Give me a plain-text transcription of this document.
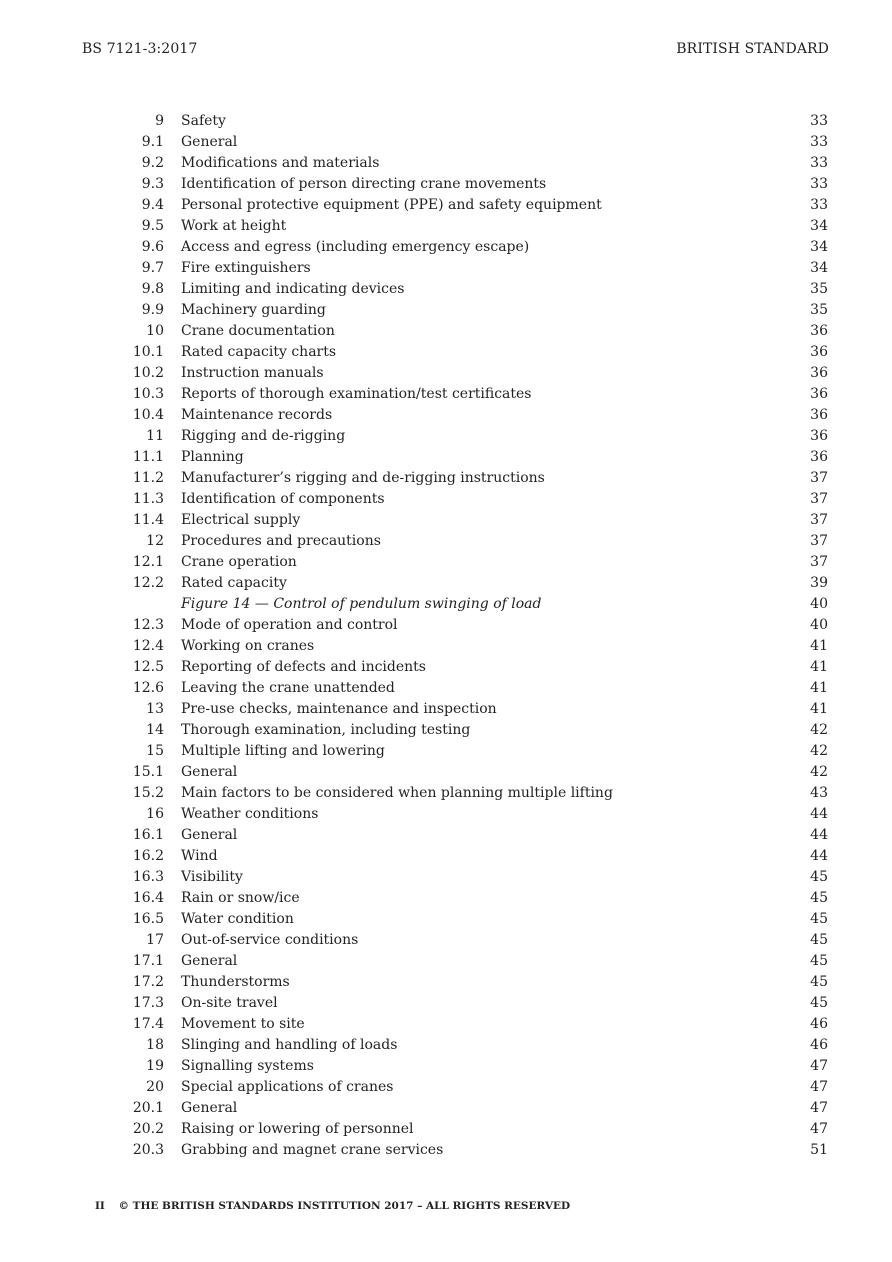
BS 7121-3:2017	BRITISH STANDARD
9 Safety	33
9.1 General	33
9.2 Modifications and materials	33
9.3 Identification of person directing crane movements	33
9.4 Personal protective equipment (PPE) and safety equipment	33
9.5 Work at height	34
9.6 Access and egress (including emergency escape)	34
9.7 Fire extinguishers	34
9.8 Limiting and indicating devices	35
9.9 Machinery guarding	35
10 Crane documentation	36
10.1 Rated capacity charts	36
10.2 Instruction manuals	36
10.3 Reports of thorough examination/test certificates	36
10.4 Maintenance records	36
11 Rigging and de-rigging	36
11.1 Planning	36
11.2 Manufacturer’s rigging and de-rigging instructions	37
11.3 Identification of components	37
11.4 Electrical supply	37
12 Procedures and precautions	37
12.1 Crane operation	37
12.2 Rated capacity	39
Figure 14 — Control of pendulum swinging of load	40
12.3 Mode of operation and control	40
12.4 Working on cranes	41
12.5 Reporting of defects and incidents	41
12.6 Leaving the crane unattended	41
13 Pre-use checks, maintenance and inspection	41
14 Thorough examination, including testing	42
15 Multiple lifting and lowering	42
15.1 General	42
15.2 Main factors to be considered when planning multiple lifting	43
16 Weather conditions	44
16.1 General	44
16.2 Wind	44
16.3 Visibility	45
16.4 Rain or snow/ice	45
16.5 Water condition	45
17 Out-of-service conditions	45
17.1 General	45
17.2 Thunderstorms	45
17.3 On-site travel	45
17.4 Movement to site	46
18 Slinging and handling of loads	46
19 Signalling systems	47
20 Special applications of cranes	47
20.1 General	47
20.2 Raising or lowering of personnel	47
20.3 Grabbing and magnet crane services	51
II © THE BRITISH STANDARDS INSTITUTION 2017 – ALL RIGHTS RESERVED
